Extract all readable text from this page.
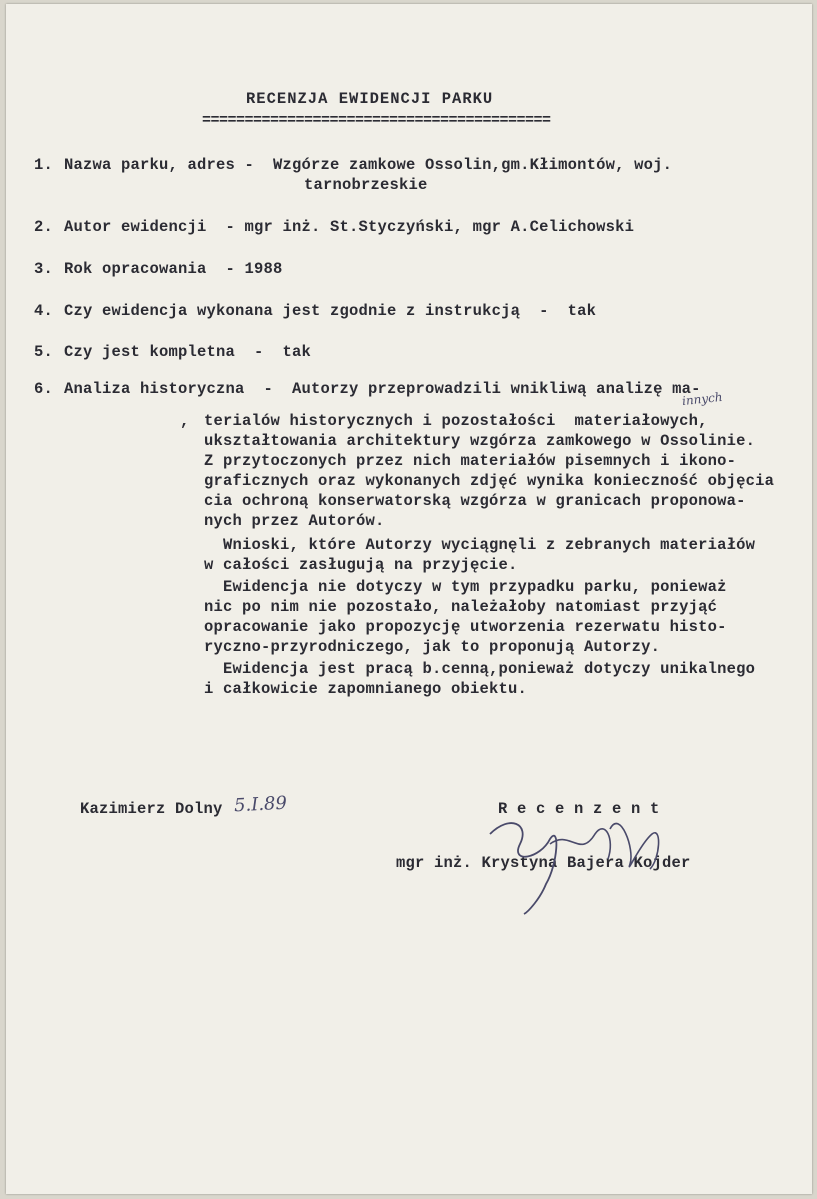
RECENZJA EWIDENCJI PARKU
=========================================
1. Nazwa parku, adres -  Wzgórze zamkowe Ossolin,gm.Kłimontów, woj.
tarnobrzeskie
2. Autor ewidencji  - mgr inż. St.Styczyński, mgr A.Celichowski
3. Rok opracowania  - 1988
4. Czy ewidencja wykonana jest zgodnie z instrukcją  -  tak
5. Czy jest kompletna  -  tak
6. Analiza historyczna  -  Autorzy przeprowadzili wnikliwą analizę ma-
,
innych
terialów historycznych i pozostałości  materiałowych,
ukształtowania architektury wzgórza zamkowego w Ossolinie.
Z przytoczonych przez nich materiałów pisemnych i ikono-
graficznych oraz wykonanych zdjęć wynika konieczność objęcia
cia ochroną konserwatorską wzgórza w granicach proponowa-
nych przez Autorów.
Wnioski, które Autorzy wyciągnęli z zebranych materiałów
w całości zasługują na przyjęcie.
Ewidencja nie dotyczy w tym przypadku parku, ponieważ
nic po nim nie pozostało, należałoby natomiast przyjąć
opracowanie jako propozycję utworzenia rezerwatu histo-
ryczno-przyrodniczego, jak to proponują Autorzy.
Ewidencja jest pracą b.cenną,ponieważ dotyczy unikalnego
i całkowicie zapomnianego obiektu.
Kazimierz Dolny 5.I.89	R e c e n z e n t
mgr inż. Krystyna Bajera Kojder
